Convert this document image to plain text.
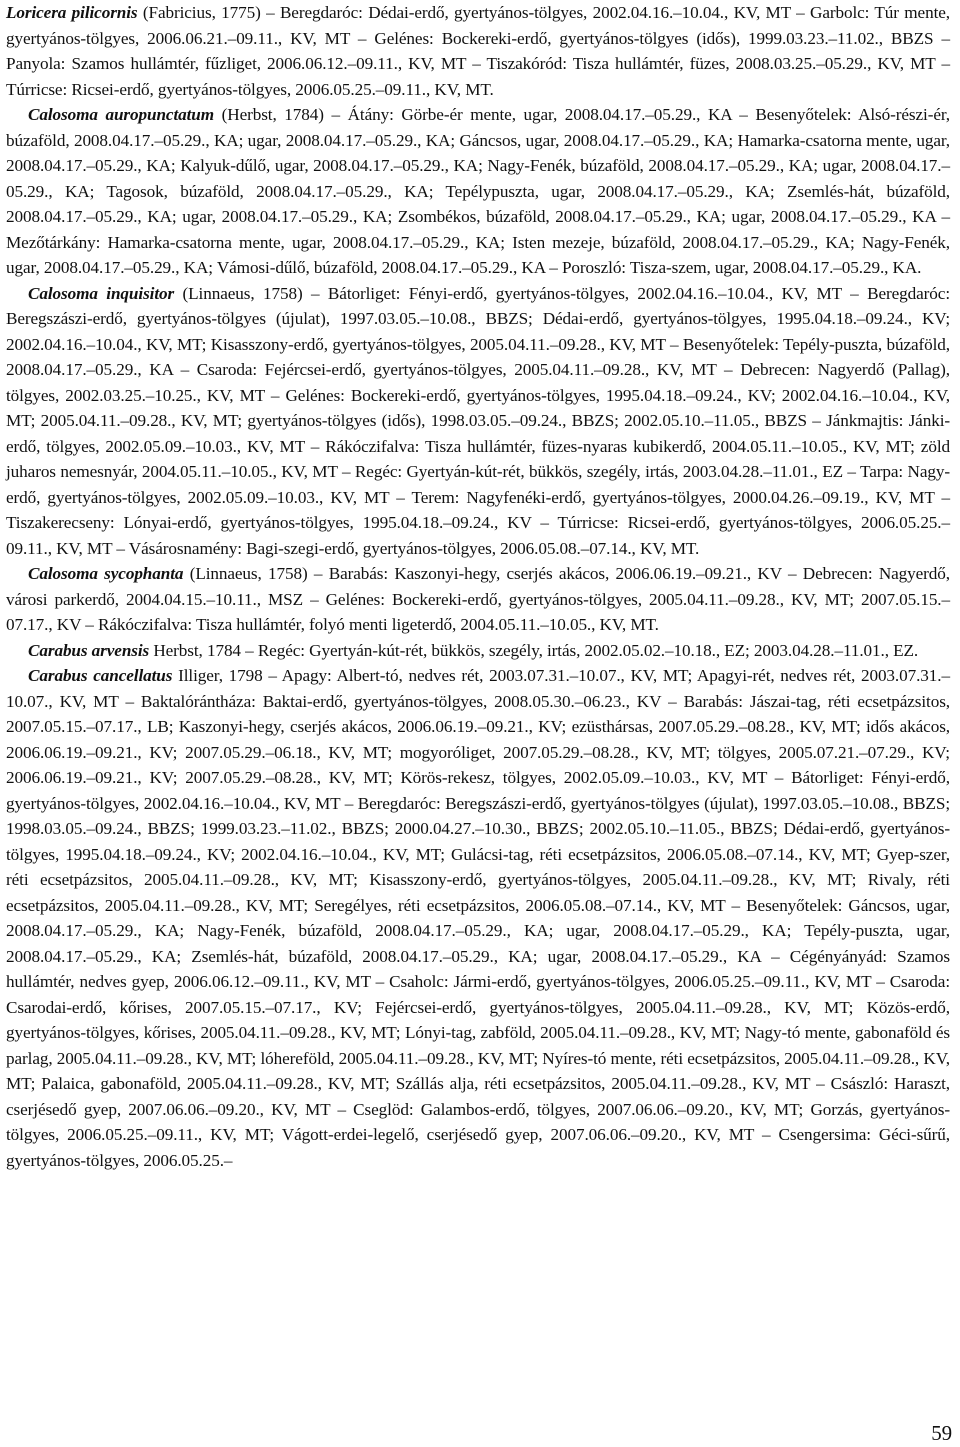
Loricera pilicornis (Fabricius, 1775) – Beregdaróc: Dédai-erdő, gyertyános-tölgyes, 2002.04.16.–10.04., KV, MT – Garbolc: Túr mente, gyertyános-tölgyes, 2006.06.21.–09.11., KV, MT – Gelénes: Bockereki-erdő, gyertyános-tölgyes (idős), 1999.03.23.–11.02., BBZS – Panyola: Szamos hullámtér, fűzliget, 2006.06.12.–09.11., KV, MT – Tiszakóród: Tisza hullámtér, füzes, 2008.03.25.–05.29., KV, MT – Túrricse: Ricsei-erdő, gyertyános-tölgyes, 2006.05.25.–09.11., KV, MT.

Calosoma auropunctatum (Herbst, 1784) – Átány: Görbe-ér mente, ugar, 2008.04.17.–05.29., KA – Besenyőtelek: Alsó-részi-ér, búzaföld, 2008.04.17.–05.29., KA; ugar, 2008.04.17.–05.29., KA; Gáncsos, ugar, 2008.04.17.–05.29., KA; Hamarka-csatorna mente, ugar, 2008.04.17.–05.29., KA; Kalyuk-dűlő, ugar, 2008.04.17.–05.29., KA; Nagy-Fenék, búzaföld, 2008.04.17.–05.29., KA; ugar, 2008.04.17.–05.29., KA; Tagosok, búzaföld, 2008.04.17.–05.29., KA; Tepélypuszta, ugar, 2008.04.17.–05.29., KA; Zsemlés-hát, búzaföld, 2008.04.17.–05.29., KA; ugar, 2008.04.17.–05.29., KA; Zsombékos, búzaföld, 2008.04.17.–05.29., KA; ugar, 2008.04.17.–05.29., KA – Mezőtárkány: Hamarka-csatorna mente, ugar, 2008.04.17.–05.29., KA; Isten mezeje, búzaföld, 2008.04.17.–05.29., KA; Nagy-Fenék, ugar, 2008.04.17.–05.29., KA; Vámosi-dűlő, búzaföld, 2008.04.17.–05.29., KA – Poroszló: Tisza-szem, ugar, 2008.04.17.–05.29., KA.

Calosoma inquisitor (Linnaeus, 1758) – Bátorliget: Fényi-erdő, gyertyános-tölgyes, 2002.04.16.–10.04., KV, MT – Beregdaróc: Beregszászi-erdő, gyertyános-tölgyes (újulat), 1997.03.05.–10.08., BBZS; Dédai-erdő, gyertyános-tölgyes, 1995.04.18.–09.24., KV; 2002.04.16.–10.04., KV, MT; Kisasszony-erdő, gyertyános-tölgyes, 2005.04.11.–09.28., KV, MT – Besenyőtelek: Tepély-puszta, búzaföld, 2008.04.17.–05.29., KA – Csaroda: Fejércsei-erdő, gyertyános-tölgyes, 2005.04.11.–09.28., KV, MT – Debrecen: Nagyerdő (Pallag), tölgyes, 2002.03.25.–10.25., KV, MT – Gelénes: Bockereki-erdő, gyertyános-tölgyes, 1995.04.18.–09.24., KV; 2002.04.16.–10.04., KV, MT; 2005.04.11.–09.28., KV, MT; gyertyános-tölgyes (idős), 1998.03.05.–09.24., BBZS; 2002.05.10.–11.05., BBZS – Jánkmajtis: Jánki-erdő, tölgyes, 2002.05.09.–10.03., KV, MT – Rákóczifalva: Tisza hullámtér, füzes-nyaras kubikerdő, 2004.05.11.–10.05., KV, MT; zöld juharos nemesnyár, 2004.05.11.–10.05., KV, MT – Regéc: Gyertyán-kút-rét, bükkös, szegély, irtás, 2003.04.28.–11.01., EZ – Tarpa: Nagy-erdő, gyertyános-tölgyes, 2002.05.09.–10.03., KV, MT – Terem: Nagyfenéki-erdő, gyertyános-tölgyes, 2000.04.26.–09.19., KV, MT – Tiszakerecseny: Lónyai-erdő, gyertyános-tölgyes, 1995.04.18.–09.24., KV – Túrricse: Ricsei-erdő, gyertyános-tölgyes, 2006.05.25.–09.11., KV, MT – Vásárosnamény: Bagi-szegi-erdő, gyertyános-tölgyes, 2006.05.08.–07.14., KV, MT.

Calosoma sycophanta (Linnaeus, 1758) – Barabás: Kaszonyi-hegy, cserjés akácos, 2006.06.19.–09.21., KV – Debrecen: Nagyerdő, városi parkerdő, 2004.04.15.–10.11., MSZ – Gelénes: Bockereki-erdő, gyertyános-tölgyes, 2005.04.11.–09.28., KV, MT; 2007.05.15.–07.17., KV – Rákóczifalva: Tisza hullámtér, folyó menti ligeterdő, 2004.05.11.–10.05., KV, MT.

Carabus arvensis Herbst, 1784 – Regéc: Gyertyán-kút-rét, bükkös, szegély, irtás, 2002.05.02.–10.18., EZ; 2003.04.28.–11.01., EZ.

Carabus cancellatus Illiger, 1798 – Apagy: Albert-tó, nedves rét, 2003.07.31.–10.07., KV, MT; Apagyi-rét, nedves rét, 2003.07.31.–10.07., KV, MT – Baktalórántháza: Baktai-erdő, gyertyános-tölgyes, 2008.05.30.–06.23., KV – Barabás: Jászai-tag, réti ecsetpázsitos, 2007.05.15.–07.17., LB; Kaszonyi-hegy, cserjés akácos, 2006.06.19.–09.21., KV; ezüsthársas, 2007.05.29.–08.28., KV, MT; idős akácos, 2006.06.19.–09.21., KV; 2007.05.29.–06.18., KV, MT; mogyoróliget, 2007.05.29.–08.28., KV, MT; tölgyes, 2005.07.21.–07.29., KV; 2006.06.19.–09.21., KV; 2007.05.29.–08.28., KV, MT; Körös-rekesz, tölgyes, 2002.05.09.–10.03., KV, MT – Bátorliget: Fényi-erdő, gyertyános-tölgyes, 2002.04.16.–10.04., KV, MT – Beregdaróc: Beregszászi-erdő, gyertyános-tölgyes (újulat), 1997.03.05.–10.08., BBZS; 1998.03.05.–09.24., BBZS; 1999.03.23.–11.02., BBZS; 2000.04.27.–10.30., BBZS; 2002.05.10.–11.05., BBZS; Dédai-erdő, gyertyános-tölgyes, 1995.04.18.–09.24., KV; 2002.04.16.–10.04., KV, MT; Gulácsi-tag, réti ecsetpázsitos, 2006.05.08.–07.14., KV, MT; Gyep-szer, réti ecsetpázsitos, 2005.04.11.–09.28., KV, MT; Kisasszony-erdő, gyertyános-tölgyes, 2005.04.11.–09.28., KV, MT; Rivaly, réti ecsetpázsitos, 2005.04.11.–09.28., KV, MT; Seregélyes, réti ecsetpázsitos, 2006.05.08.–07.14., KV, MT – Besenyőtelek: Gáncsos, ugar, 2008.04.17.–05.29., KA; Nagy-Fenék, búzaföld, 2008.04.17.–05.29., KA; ugar, 2008.04.17.–05.29., KA; Tepély-puszta, ugar, 2008.04.17.–05.29., KA; Zsemlés-hát, búzaföld, 2008.04.17.–05.29., KA; ugar, 2008.04.17.–05.29., KA – Cégényányád: Szamos hullámtér, nedves gyep, 2006.06.12.–09.11., KV, MT – Csaholc: Jármi-erdő, gyertyános-tölgyes, 2006.05.25.–09.11., KV, MT – Csaroda: Csarodai-erdő, kőrises, 2007.05.15.–07.17., KV; Fejércsei-erdő, gyertyános-tölgyes, 2005.04.11.–09.28., KV, MT; Közös-erdő, gyertyános-tölgyes, kőrises, 2005.04.11.–09.28., KV, MT; Lónyi-tag, zabföld, 2005.04.11.–09.28., KV, MT; Nagy-tó mente, gabonaföld és parlag, 2005.04.11.–09.28., KV, MT; lóhereföld, 2005.04.11.–09.28., KV, MT; Nyíres-tó mente, réti ecsetpázsitos, 2005.04.11.–09.28., KV, MT; Palaica, gabonaföld, 2005.04.11.–09.28., KV, MT; Szállás alja, réti ecsetpázsitos, 2005.04.11.–09.28., KV, MT – Császló: Haraszt, cserjésedő gyep, 2007.06.06.–09.20., KV, MT – Cseglöd: Galambos-erdő, tölgyes, 2007.06.06.–09.20., KV, MT; Gorzás, gyertyános-tölgyes, 2006.05.25.–09.11., KV, MT; Vágott-erdei-legelő, cserjésedő gyep, 2007.06.06.–09.20., KV, MT – Csengersima: Géci-sűrű, gyertyános-tölgyes, 2006.05.25.–

59
